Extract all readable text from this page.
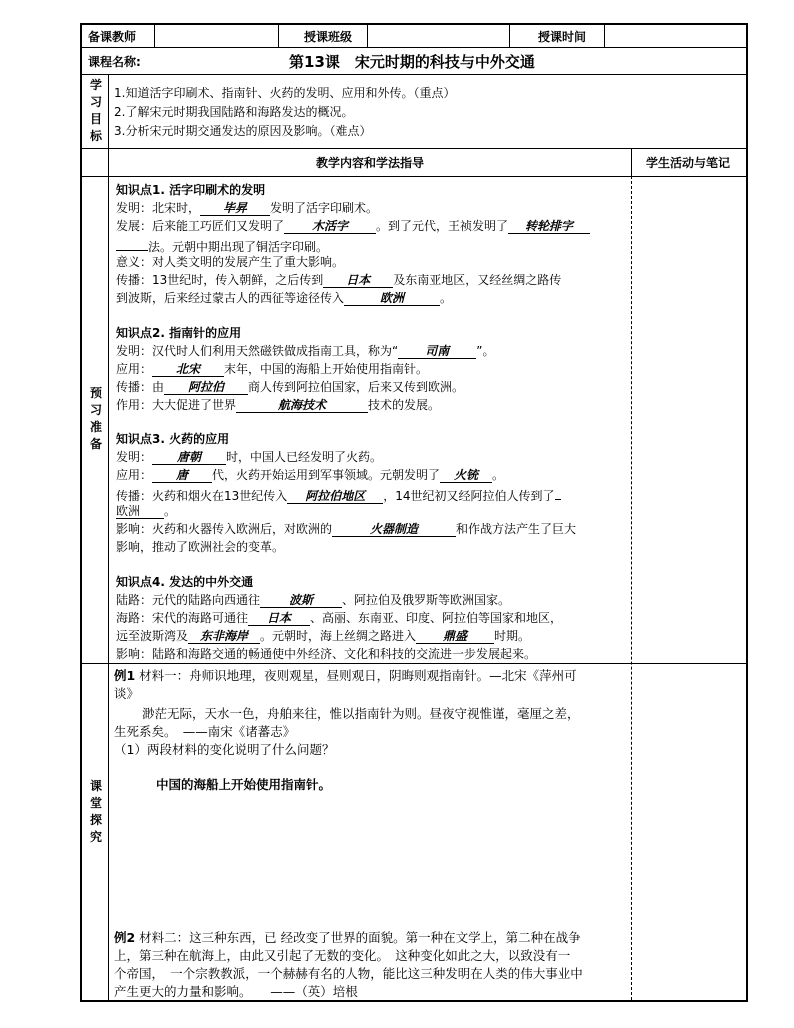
备课教师	授课班级	授课时间
课程名称:	第13课　宋元时期的科技与中外交通
学
习
目
标
1.知道活字印刷术、指南针、火药的发明、应用和外传。（重点）
2.了解宋元时期我国陆路和海路发达的概况。
3.分析宋元时期交通发达的原因及影响。（难点）
教学内容和学法指导	学生活动与笔记
预
习
准
备
知识点1. 活字印刷术的发明
发明：北宋时， 毕昇 发明了活字印刷术。
发展：后来能工巧匠们又发明了 木活字 。到了元代，王祯发明了 转轮排字
法。元朝中期出现了铜活字印刷。
意义：对人类文明的发展产生了重大影响。
传播：13世纪时，传入朝鲜，之后传到 日本 及东南亚地区，又经丝绸之路传
到波斯，后来经过蒙古人的西征等途径传入	欧洲	。
知识点2. 指南针的应用
发明：汉代时人们利用天然磁铁做成指南工具，称为“ 司南 ”。
应用： 北宋 末年，中国的海船上开始使用指南针。
传播：由 阿拉伯 商人传到阿拉伯国家，后来又传到欧洲。
作用：大大促进了世界	航海技术	技术的发展。
知识点3. 火药的应用
发明： 唐朝 时，中国人已经发明了火药。
应用： 唐 代，火药开始运用到军事领域。元朝发明了 火铳 。
传播：火药和烟火在13世纪传入 阿拉伯地区 ，14世纪初又经阿拉伯人传到了
欧洲 。
影响：火药和火器传入欧洲后，对欧洲的	火器制造	和作战方法产生了巨大
影响，推动了欧洲社会的变革。
知识点4. 发达的中外交通
陆路：元代的陆路向西通往 波斯 、阿拉伯及俄罗斯等欧洲国家。
海路：宋代的海路可通往 日本 、高丽、东南亚、印度、阿拉伯等国家和地区，
远至波斯湾及 东非海岸 。元朝时，海上丝绸之路进入 鼎盛 时期。
影响：陆路和海路交通的畅通使中外经济、文化和科技的交流进一步发展起来。
课
堂
探
究
例1 材料一：舟师识地理，夜则观星，昼则观日，阴晦则观指南针。—北宋《萍州可
谈》
渺茫无际，天水一色，舟舶来往，惟以指南针为则。昼夜守视惟谨，毫厘之差，
生死系矣。　——南宋《诸蕃志》
（1）两段材料的变化说明了什么问题？
中国的海船上开始使用指南针。
例2 材料二：这三种东西，已 经改变了世界的面貌。第一种在文学上，第二种在战争
上，第三种在航海上，由此又引起了无数的变化。　这种变化如此之大，以致没有一
个帝国，　一个宗教教派，一个赫赫有名的人物，能比这三种发明在人类的伟大事业中
产生更大的力量和影响。　　——（英）培根
